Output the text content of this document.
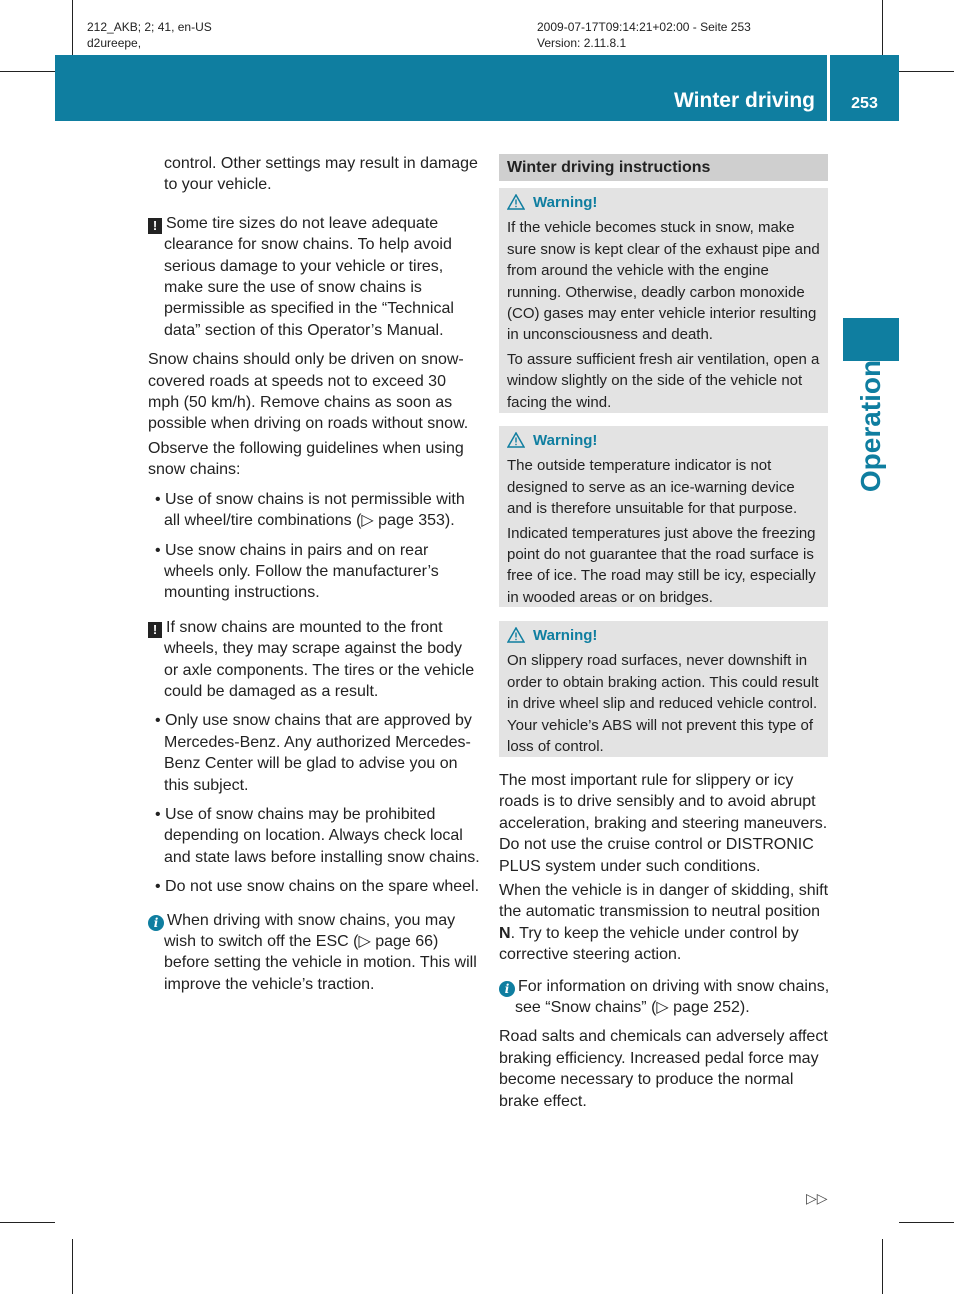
212_AKB; 2; 41, en-US
d2ureepe,
2009-07-17T09:14:21+02:00 - Seite 253
Version: 2.11.8.1
Winter driving	253
Operation

control. Other settings may result in damage to your vehicle.

! Some tire sizes do not leave adequate clearance for snow chains. To help avoid serious damage to your vehicle or tires, make sure the use of snow chains is permissible as specified in the “Technical data” section of this Operator’s Manual.

Snow chains should only be driven on snow-covered roads at speeds not to exceed 30 mph (50 km/h). Remove chains as soon as possible when driving on roads without snow.

Observe the following guidelines when using snow chains:

• Use of snow chains is not permissible with all wheel/tire combinations (▷ page 353).

• Use snow chains in pairs and on rear wheels only. Follow the manufacturer’s mounting instructions.

! If snow chains are mounted to the front wheels, they may scrape against the body or axle components. The tires or the vehicle could be damaged as a result.

• Only use snow chains that are approved by Mercedes-Benz. Any authorized Mercedes-Benz Center will be glad to advise you on this subject.

• Use of snow chains may be prohibited depending on location. Always check local and state laws before installing snow chains.

• Do not use snow chains on the spare wheel.

i When driving with snow chains, you may wish to switch off the ESC (▷ page 66) before setting the vehicle in motion. This will improve the vehicle’s traction.

Winter driving instructions

Warning!

If the vehicle becomes stuck in snow, make sure snow is kept clear of the exhaust pipe and from around the vehicle with the engine running. Otherwise, deadly carbon monoxide (CO) gases may enter vehicle interior resulting in unconsciousness and death.

To assure sufficient fresh air ventilation, open a window slightly on the side of the vehicle not facing the wind.

Warning!

The outside temperature indicator is not designed to serve as an ice-warning device and is therefore unsuitable for that purpose.

Indicated temperatures just above the freezing point do not guarantee that the road surface is free of ice. The road may still be icy, especially in wooded areas or on bridges.

Warning!

On slippery road surfaces, never downshift in order to obtain braking action. This could result in drive wheel slip and reduced vehicle control. Your vehicle’s ABS will not prevent this type of loss of control.

The most important rule for slippery or icy roads is to drive sensibly and to avoid abrupt acceleration, braking and steering maneuvers. Do not use the cruise control or DISTRONIC PLUS system under such conditions.

When the vehicle is in danger of skidding, shift the automatic transmission to neutral position N. Try to keep the vehicle under control by corrective steering action.

i For information on driving with snow chains, see “Snow chains” (▷ page 252).

Road salts and chemicals can adversely affect braking efficiency. Increased pedal force may become necessary to produce the normal brake effect.

▷▷
